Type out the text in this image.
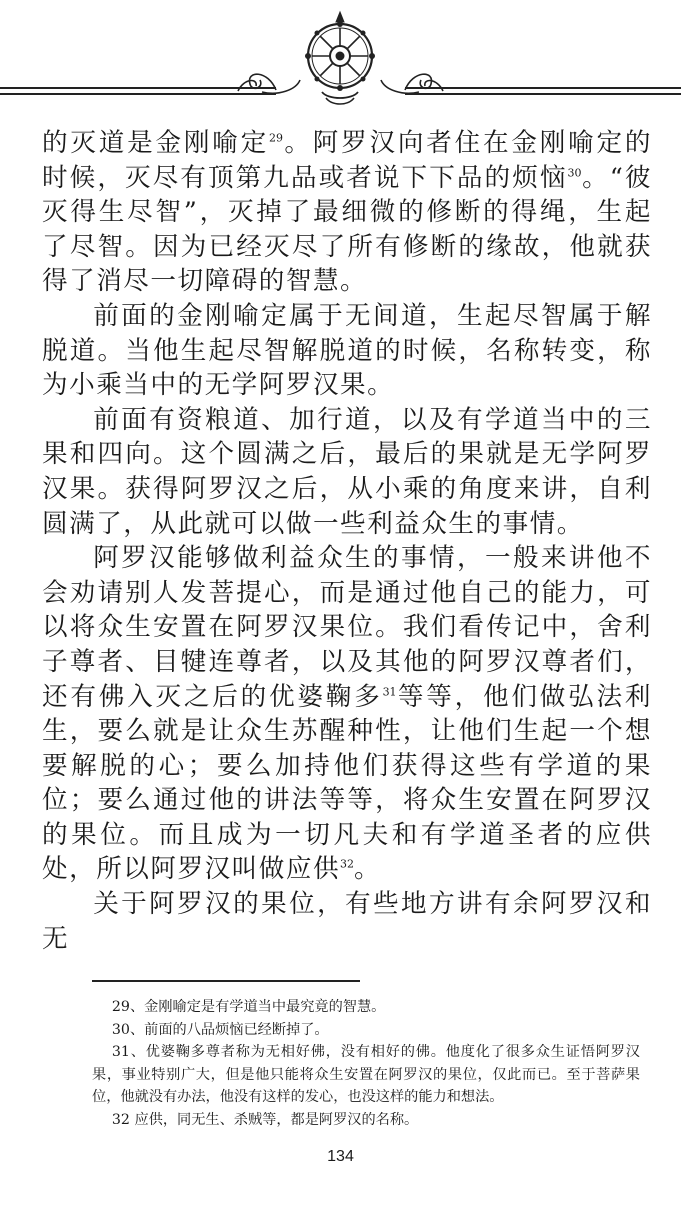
的灭道是金刚喻定$^{29}$。阿罗汉向者住在金刚喻定的时候，灭尽有顶第九品或者说下下品的烦恼$^{30}$。“彼灭得生尽智”，灭掉了最细微的修断的得绳，生起了尽智。因为已经灭尽了所有修断的缘故，他就获得了消尽一切障碍的智慧。

前面的金刚喻定属于无间道，生起尽智属于解脱道。当他生起尽智解脱道的时候，名称转变，称为小乘当中的无学阿罗汉果。

前面有资粮道、加行道，以及有学道当中的三果和四向。这个圆满之后，最后的果就是无学阿罗汉果。获得阿罗汉之后，从小乘的角度来讲，自利圆满了，从此就可以做一些利益众生的事情。

阿罗汉能够做利益众生的事情，一般来讲他不会劝请别人发菩提心，而是通过他自己的能力，可以将众生安置在阿罗汉果位。我们看传记中，舍利子尊者、目犍连尊者，以及其他的阿罗汉尊者们，还有佛入灭之后的优婆鞠多$^{31}$等等，他们做弘法利生，要么就是让众生苏醒种性，让他们生起一个想要解脱的心；要么加持他们获得这些有学道的果位；要么通过他的讲法等等，将众生安置在阿罗汉的果位。而且成为一切凡夫和有学道圣者的应供处，所以阿罗汉叫做应供$^{32}$。

关于阿罗汉的果位，有些地方讲有余阿罗汉和无

29、金刚喻定是有学道当中最究竟的智慧。

30、前面的八品烦恼已经断掉了。

31、优婆鞠多尊者称为无相好佛，没有相好的佛。他度化了很多众生证悟阿罗汉果，事业特别广大，但是他只能将众生安置在阿罗汉的果位，仅此而已。至于菩萨果位，他就没有办法，他没有这样的发心，也没这样的能力和想法。

32 应供，同无生、杀贼等，都是阿罗汉的名称。

134
